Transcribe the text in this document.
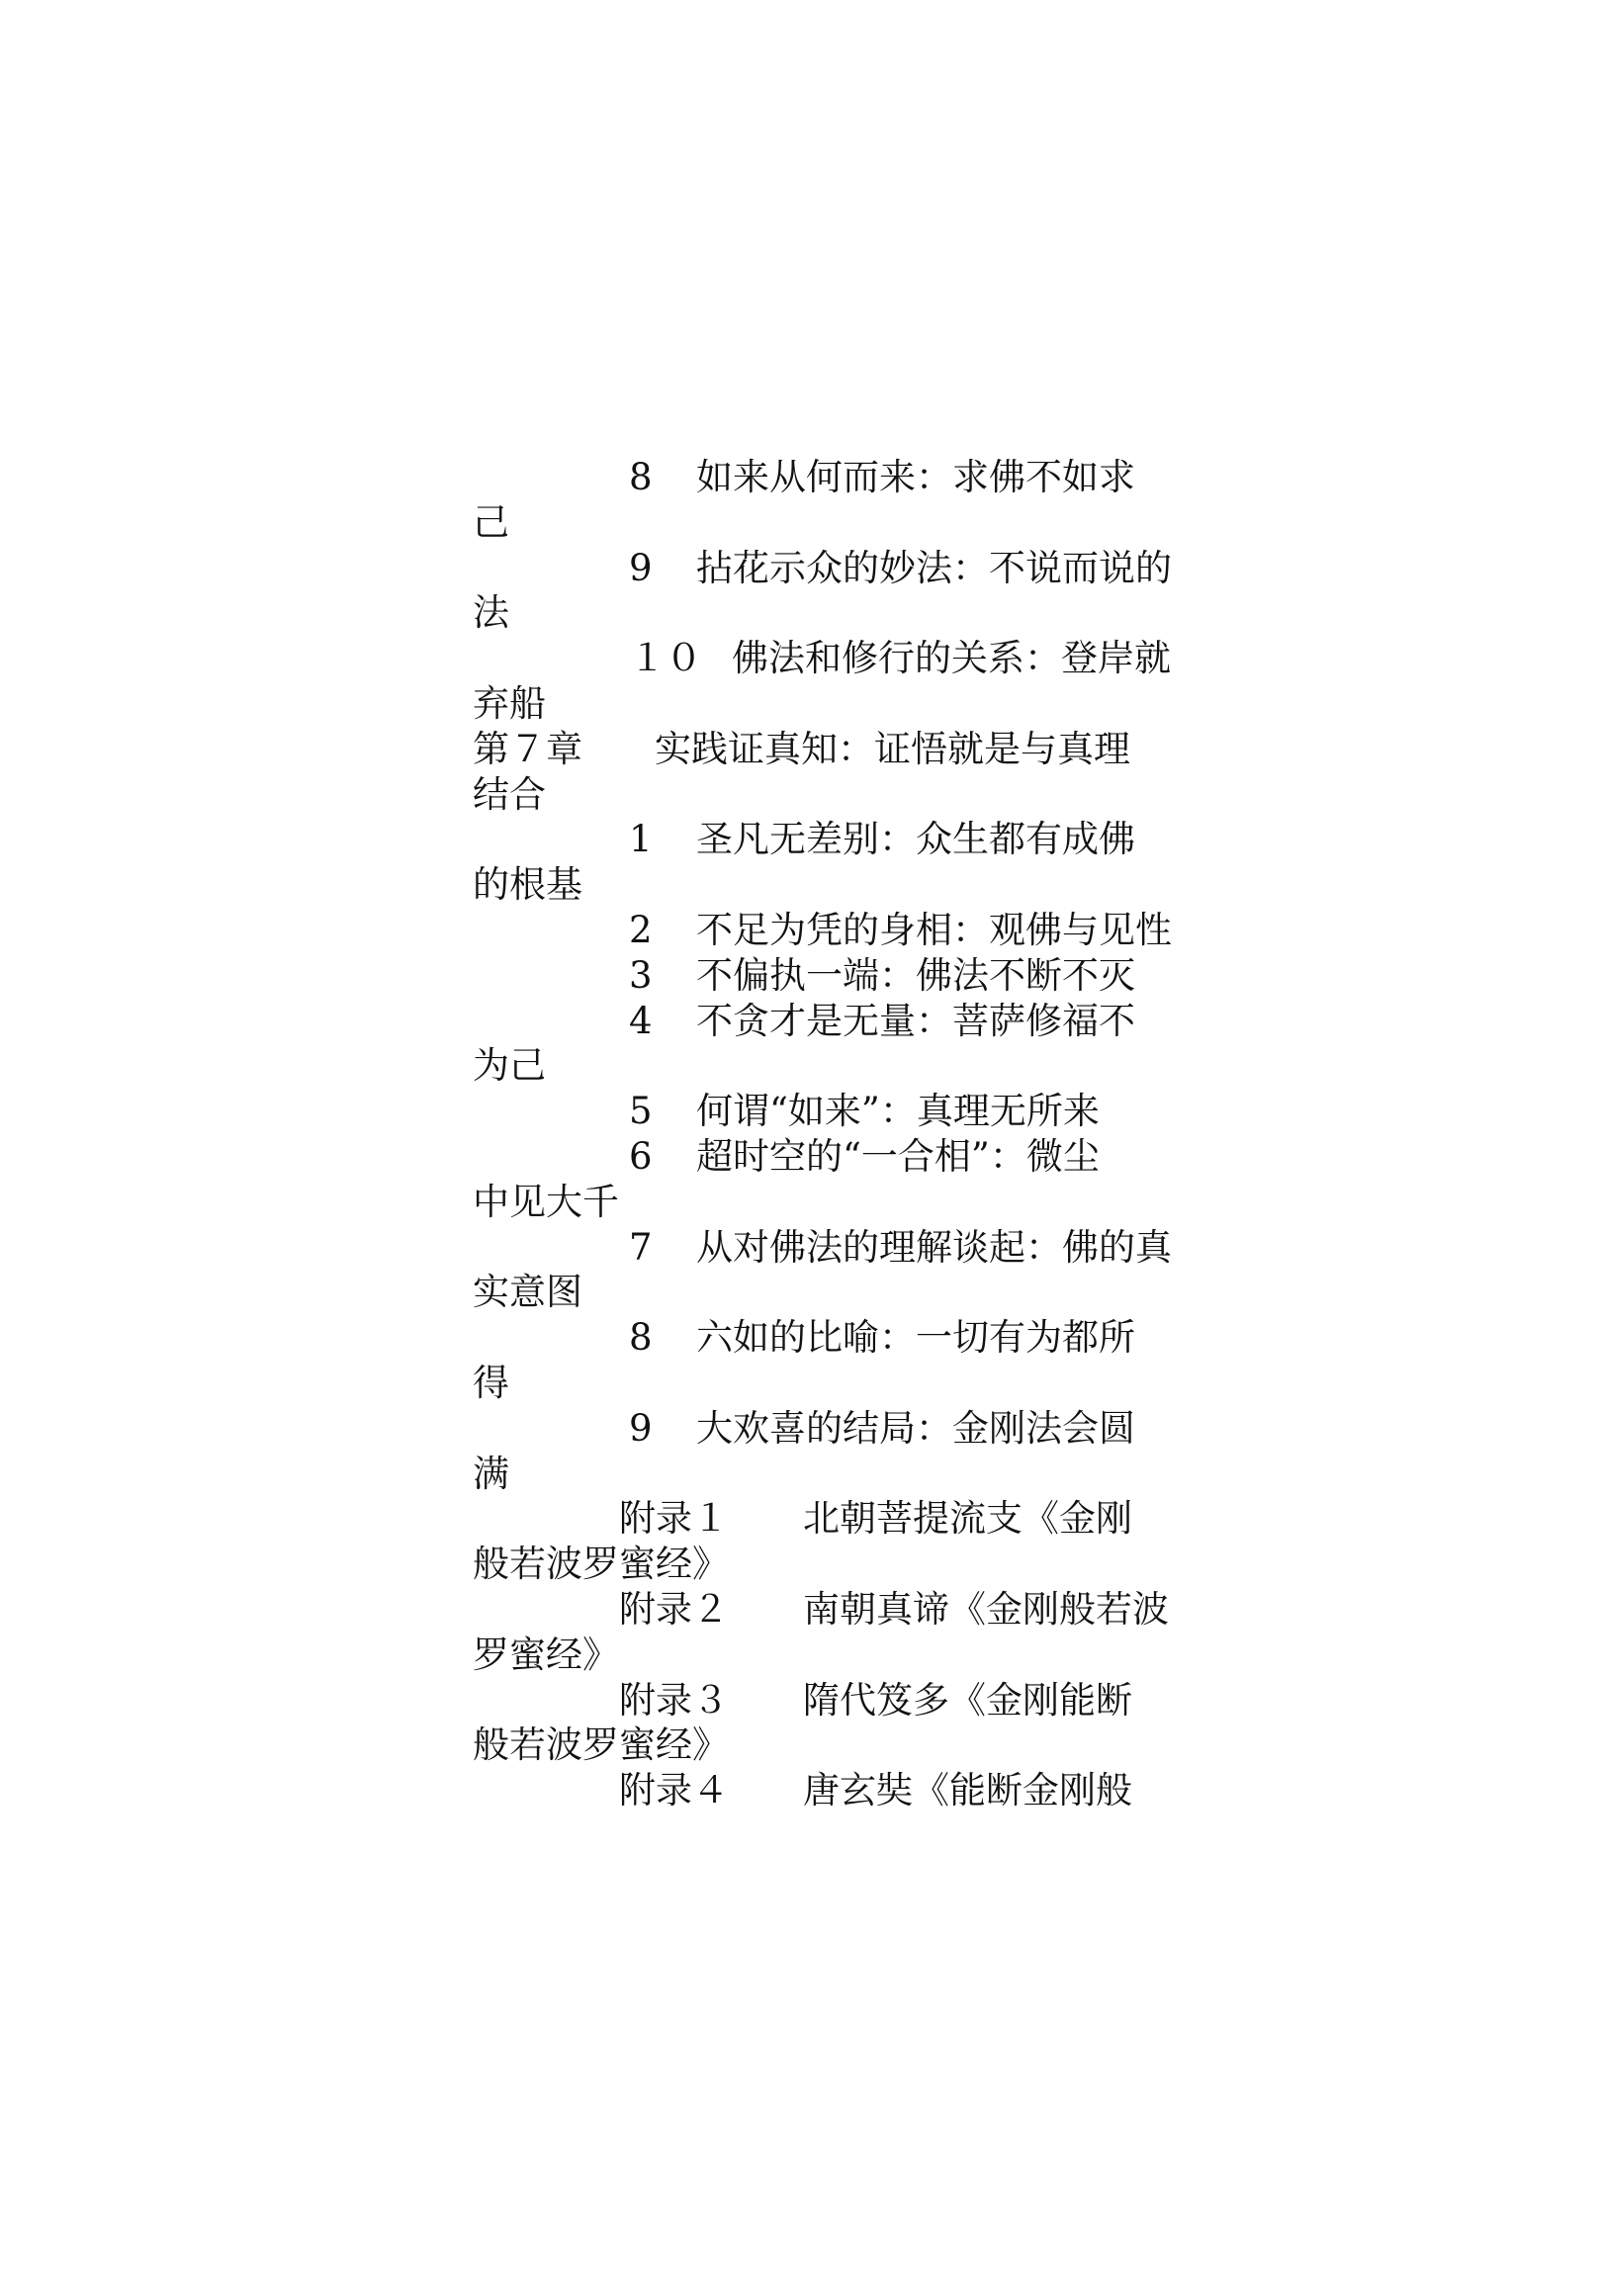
8 如来从何而来：求佛不如求
己
9 拈花示众的妙法：不说而说的
法
１０ 佛法和修行的关系：登岸就
弃船
第７章 实践证真知：证悟就是与真理
结合
1 圣凡无差别：众生都有成佛
的根基
2 不足为凭的身相：观佛与见性
3 不偏执一端：佛法不断不灭
4 不贪才是无量：菩萨修福不
为己
5 何谓“如来”：真理无所来
6 超时空的“一合相”：微尘
中见大千
7 从对佛法的理解谈起：佛的真
实意图
8 六如的比喻：一切有为都所
得
9 大欢喜的结局：金刚法会圆
满
附录１ 北朝菩提流支《金刚
般若波罗蜜经》
附录２ 南朝真谛《金刚般若波
罗蜜经》
附录３ 隋代笈多《金刚能断
般若波罗蜜经》
附录４ 唐玄奘《能断金刚般
